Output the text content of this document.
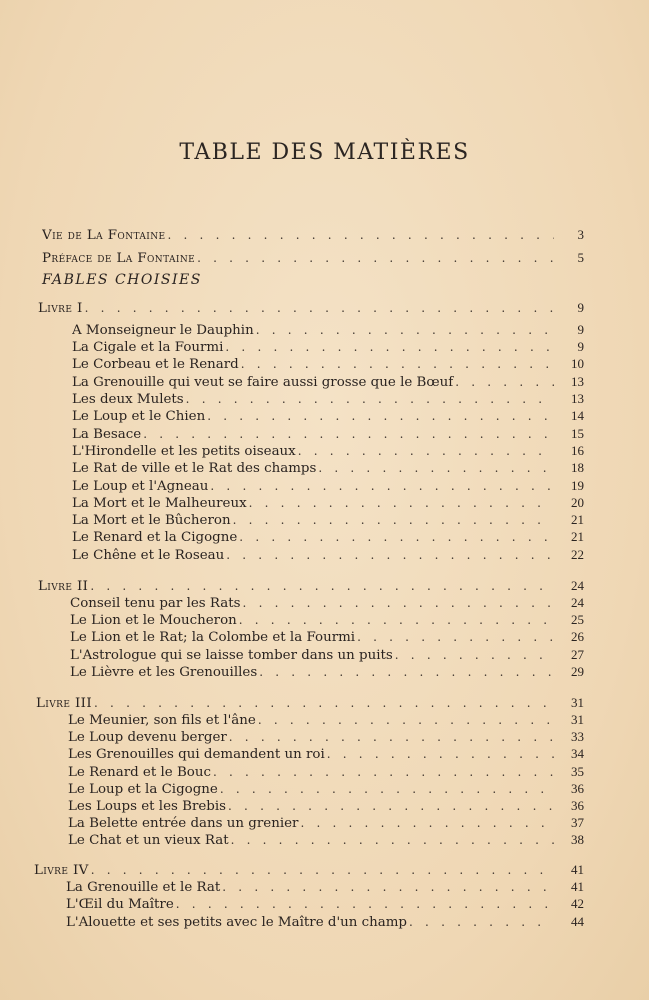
TABLE DES MATIÈRES
Vie de La Fontaine . . .	3
Préface de La Fontaine . . .	5
FABLES CHOISIES
Livre I . . .	9
A Monseigneur le Dauphin . . .	9
La Cigale et la Fourmi . . .	9
Le Corbeau et le Renard . . .	10
La Grenouille qui veut se faire aussi grosse que le Bœuf . . .	13
Les deux Mulets . . .	13
Le Loup et le Chien . . .	14
La Besace . . .	15
L'Hirondelle et les petits oiseaux . . .	16
Le Rat de ville et le Rat des champs . . .	18
Le Loup et l'Agneau . . .	19
La Mort et le Malheureux . . .	20
La Mort et le Bûcheron . . .	21
Le Renard et la Cigogne . . .	21
Le Chêne et le Roseau . . .	22
Livre II . . .	24
Conseil tenu par les Rats . . .	24
Le Lion et le Moucheron . . .	25
Le Lion et le Rat; la Colombe et la Fourmi . . .	26
L'Astrologue qui se laisse tomber dans un puits . . .	27
Le Lièvre et les Grenouilles . . .	29
Livre III . . .	31
Le Meunier, son fils et l'âne . . .	31
Le Loup devenu berger . . .	33
Les Grenouilles qui demandent un roi . . .	34
Le Renard et le Bouc . . .	35
Le Loup et la Cigogne . . .	36
Les Loups et les Brebis . . .	36
La Belette entrée dans un grenier . . .	37
Le Chat et un vieux Rat . . .	38
Livre IV . . .	41
La Grenouille et le Rat . . .	41
L'Œil du Maître . . .	42
L'Alouette et ses petits avec le Maître d'un champ . . .	44
